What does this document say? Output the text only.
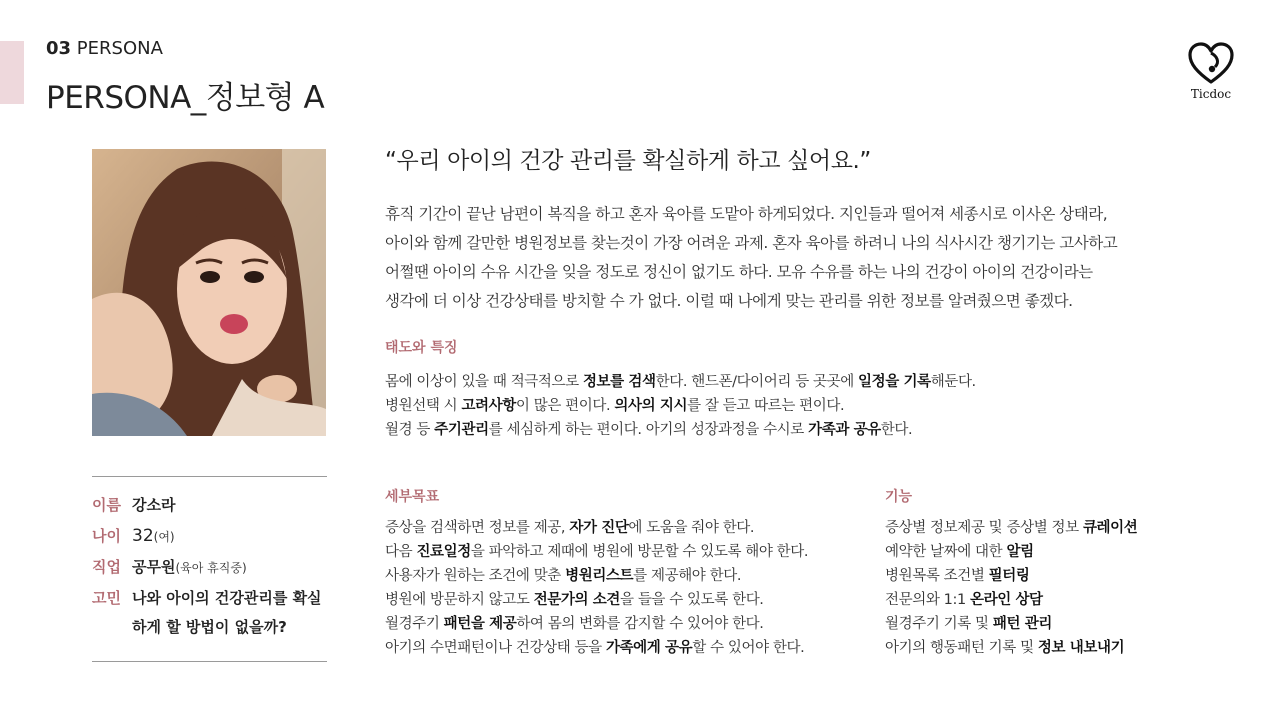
03 PERSONA
PERSONA_정보형 A	Ticdoc
이름 강소라
나이 32(여)
직업 공무원(육아 휴직중)
고민 나와 아이의 건강관리를 확실하게 할 방법이 없을까?
“우리 아이의 건강 관리를 확실하게 하고 싶어요.”
휴직 기간이 끝난 남편이 복직을 하고 혼자 육아를 도맡아 하게되었다. 지인들과 떨어져 세종시로 이사온 상태라,
아이와 함께 갈만한 병원정보를 찾는것이 가장 어려운 과제. 혼자 육아를 하려니 나의 식사시간 챙기기는 고사하고
어쩔땐 아이의 수유 시간을 잊을 정도로 정신이 없기도 하다. 모유 수유를 하는 나의 건강이 아이의 건강이라는
생각에 더 이상 건강상태를 방치할 수 가 없다. 이럴 때 나에게 맞는 관리를 위한 정보를 알려줬으면 좋겠다.
태도와 특징
몸에 이상이 있을 때 적극적으로 정보를 검색한다. 핸드폰/다이어리 등 곳곳에 일정을 기록해둔다.
병원선택 시 고려사항이 많은 편이다. 의사의 지시를 잘 듣고 따르는 편이다.
월경 등 주기관리를 세심하게 하는 편이다. 아기의 성장과정을 수시로 가족과 공유한다.
세부목표
증상을 검색하면 정보를 제공, 자가 진단에 도움을 줘야 한다.
다음 진료일정을 파악하고 제때에 병원에 방문할 수 있도록 해야 한다.
사용자가 원하는 조건에 맞춘 병원리스트를 제공해야 한다.
병원에 방문하지 않고도 전문가의 소견을 들을 수 있도록 한다.
월경주기 패턴을 제공하여 몸의 변화를 감지할 수 있어야 한다.
아기의 수면패턴이나 건강상태 등을 가족에게 공유할 수 있어야 한다.
기능
증상별 정보제공 및 증상별 정보 큐레이션
예약한 날짜에 대한 알림
병원목록 조건별 필터링
전문의와 1:1 온라인 상담
월경주기 기록 및 패턴 관리
아기의 행동패턴 기록 및 정보 내보내기
